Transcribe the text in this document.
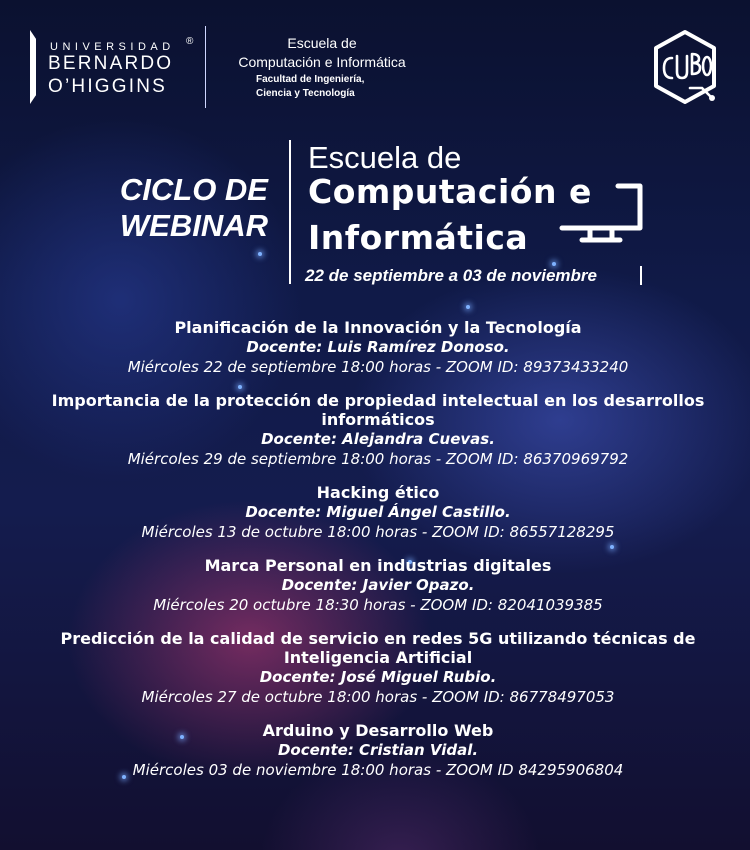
UNIVERSIDAD ®
BERNARDO
O’HIGGINS
Escuela de
Computación e Informática
Facultad de Ingeniería,
Ciencia y Tecnología
CICLO DE
WEBINAR
Escuela de
Computación e
Informática
22 de septiembre a 03 de noviembre
Planificación de la Innovación y la Tecnología
Docente: Luis Ramírez Donoso.
Miércoles 22 de septiembre 18:00 horas - ZOOM ID: 89373433240
Importancia de la protección de propiedad intelectual en los desarrollos informáticos
Docente: Alejandra Cuevas.
Miércoles 29 de septiembre 18:00 horas - ZOOM ID: 86370969792
Hacking ético
Docente: Miguel Ángel Castillo.
Miércoles 13 de octubre 18:00 horas - ZOOM ID: 86557128295
Marca Personal en industrias digitales
Docente: Javier Opazo.
Miércoles 20 octubre 18:30 horas - ZOOM ID: 82041039385
Predicción de la calidad de servicio en redes 5G utilizando técnicas de Inteligencia Artificial
Docente: José Miguel Rubio.
Miércoles 27 de octubre 18:00 horas - ZOOM ID: 86778497053
Arduino y Desarrollo Web
Docente: Cristian Vidal.
Miércoles 03 de noviembre 18:00 horas - ZOOM ID 84295906804
